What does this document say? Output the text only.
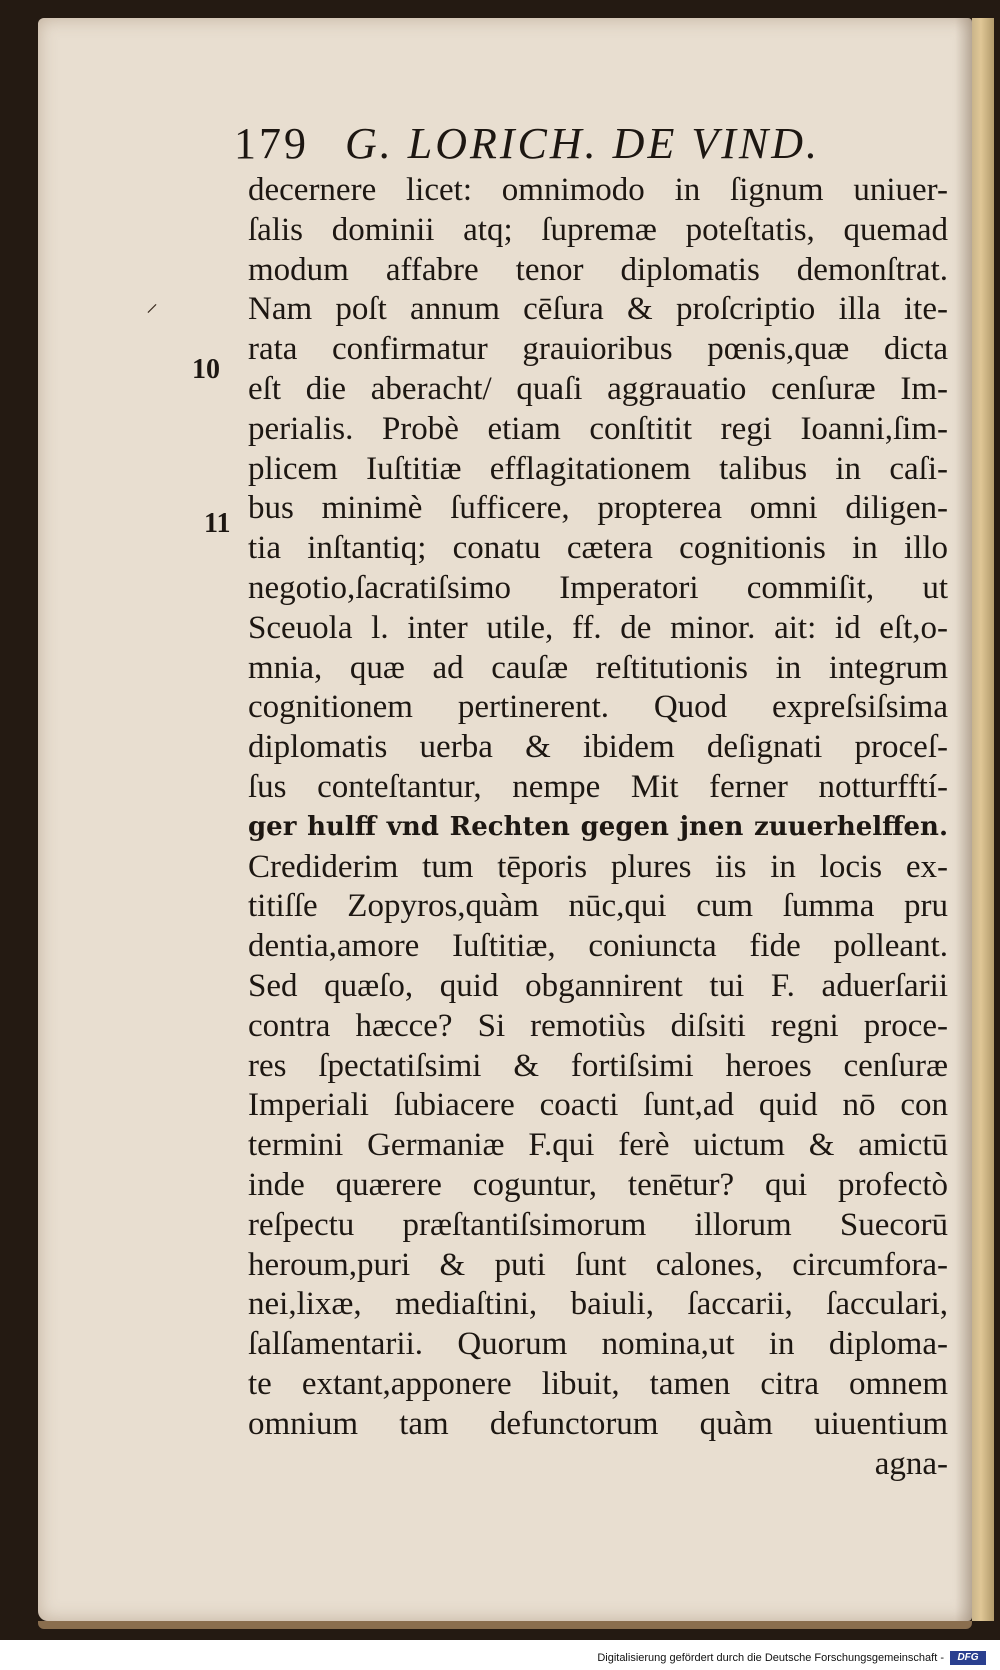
179 G. LORICH. DE VIND.
⸝
10
11
decernere licet: omnimodo in ſignum uniuer-
ſalis dominii atq; ſupremæ poteſtatis, quemad
modum affabre tenor diplomatis demonſtrat.
Nam poſt annum cēſura & proſcriptio illa ite-
rata confirmatur grauioribus pœnis,quæ dicta
eſt die aberacht/ quaſi aggrauatio cenſuræ Im-
perialis. Probè etiam conſtitit regi Ioanni,ſim-
plicem Iuſtitiæ efflagitationem talibus in caſi-
bus minimè ſufficere, propterea omni diligen-
tia inſtantiq; conatu cætera cognitionis in illo
negotio,ſacratiſsimo Imperatori commiſit, ut
Sceuola l. inter utile, ff. de minor. ait: id eſt,o-
mnia, quæ ad cauſæ reſtitutionis in integrum
cognitionem pertinerent. Quod expreſsiſsima
diplomatis uerba & ibidem deſignati proceſ-
ſus conteſtantur, nempe Mit ferner notturfftí-
ger hulff vnd Rechten gegen jnen zuuerhelffen.
Crediderim tum tēporis plures iis in locis ex-
titiſſe Zopyros,quàm nūc,qui cum ſumma pru
dentia,amore Iuſtitiæ, coniuncta fide polleant.
Sed quæſo, quid obgannirent tui F. aduerſarii
contra hæcce? Si remotiùs diſsiti regni proce-
res ſpectatiſsimi & fortiſsimi heroes cenſuræ
Imperiali ſubiacere coacti ſunt,ad quid nō con
termini Germaniæ F.qui ferè uictum & amictū
inde quærere coguntur, tenētur? qui profectò
reſpectu præſtantiſsimorum illorum Suecorū
heroum,puri & puti ſunt calones, circumfora-
nei,lixæ, mediaſtini, baiuli, ſaccarii, ſacculari,
ſalſamentarii. Quorum nomina,ut in diploma-
te extant,apponere libuit, tamen citra omnem
omnium tam defunctorum quàm uiuentium
agna-
Digitalisierung gefördert durch die Deutsche Forschungsgemeinschaft -	DFG
